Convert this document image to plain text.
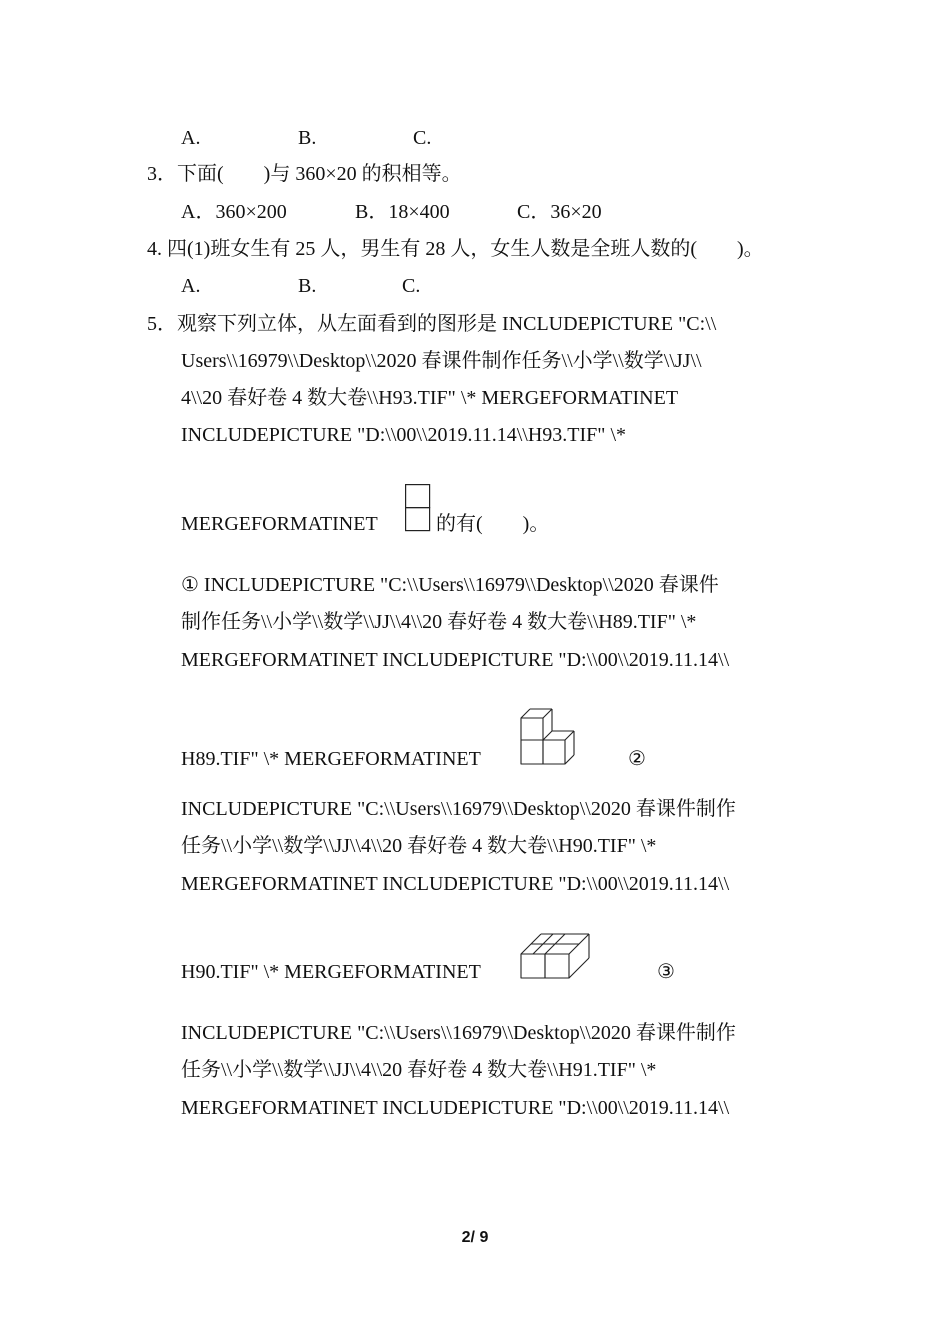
A.	B.	C.
3．下面(　　)与 360×20 的积相等。
A．360×200	B．18×400	C．36×20
4. 四(1)班女生有 25 人，男生有 28 人，女生人数是全班人数的(　　)。
A.	B.	C.
5．观察下列立体，从左面看到的图形是 INCLUDEPICTURE "C:\\
Users\\16979\\Desktop\\2020 春课件制作任务\\小学\\数学\\JJ\\
4\\20 春好卷 4 数大卷\\H93.TIF" \* MERGEFORMATINET
INCLUDEPICTURE "D:\\00\\2019.11.14\\H93.TIF" \*
MERGEFORMATINET	的有(　　)。
① INCLUDEPICTURE "C:\\Users\\16979\\Desktop\\2020 春课件
制作任务\\小学\\数学\\JJ\\4\\20 春好卷 4 数大卷\\H89.TIF" \*
MERGEFORMATINET INCLUDEPICTURE "D:\\00\\2019.11.14\\
H89.TIF" \* MERGEFORMATINET	②
INCLUDEPICTURE "C:\\Users\\16979\\Desktop\\2020 春课件制作
任务\\小学\\数学\\JJ\\4\\20 春好卷 4 数大卷\\H90.TIF" \*
MERGEFORMATINET INCLUDEPICTURE "D:\\00\\2019.11.14\\
H90.TIF" \* MERGEFORMATINET	③
INCLUDEPICTURE "C:\\Users\\16979\\Desktop\\2020 春课件制作
任务\\小学\\数学\\JJ\\4\\20 春好卷 4 数大卷\\H91.TIF" \*
MERGEFORMATINET INCLUDEPICTURE "D:\\00\\2019.11.14\\
2/ 9
